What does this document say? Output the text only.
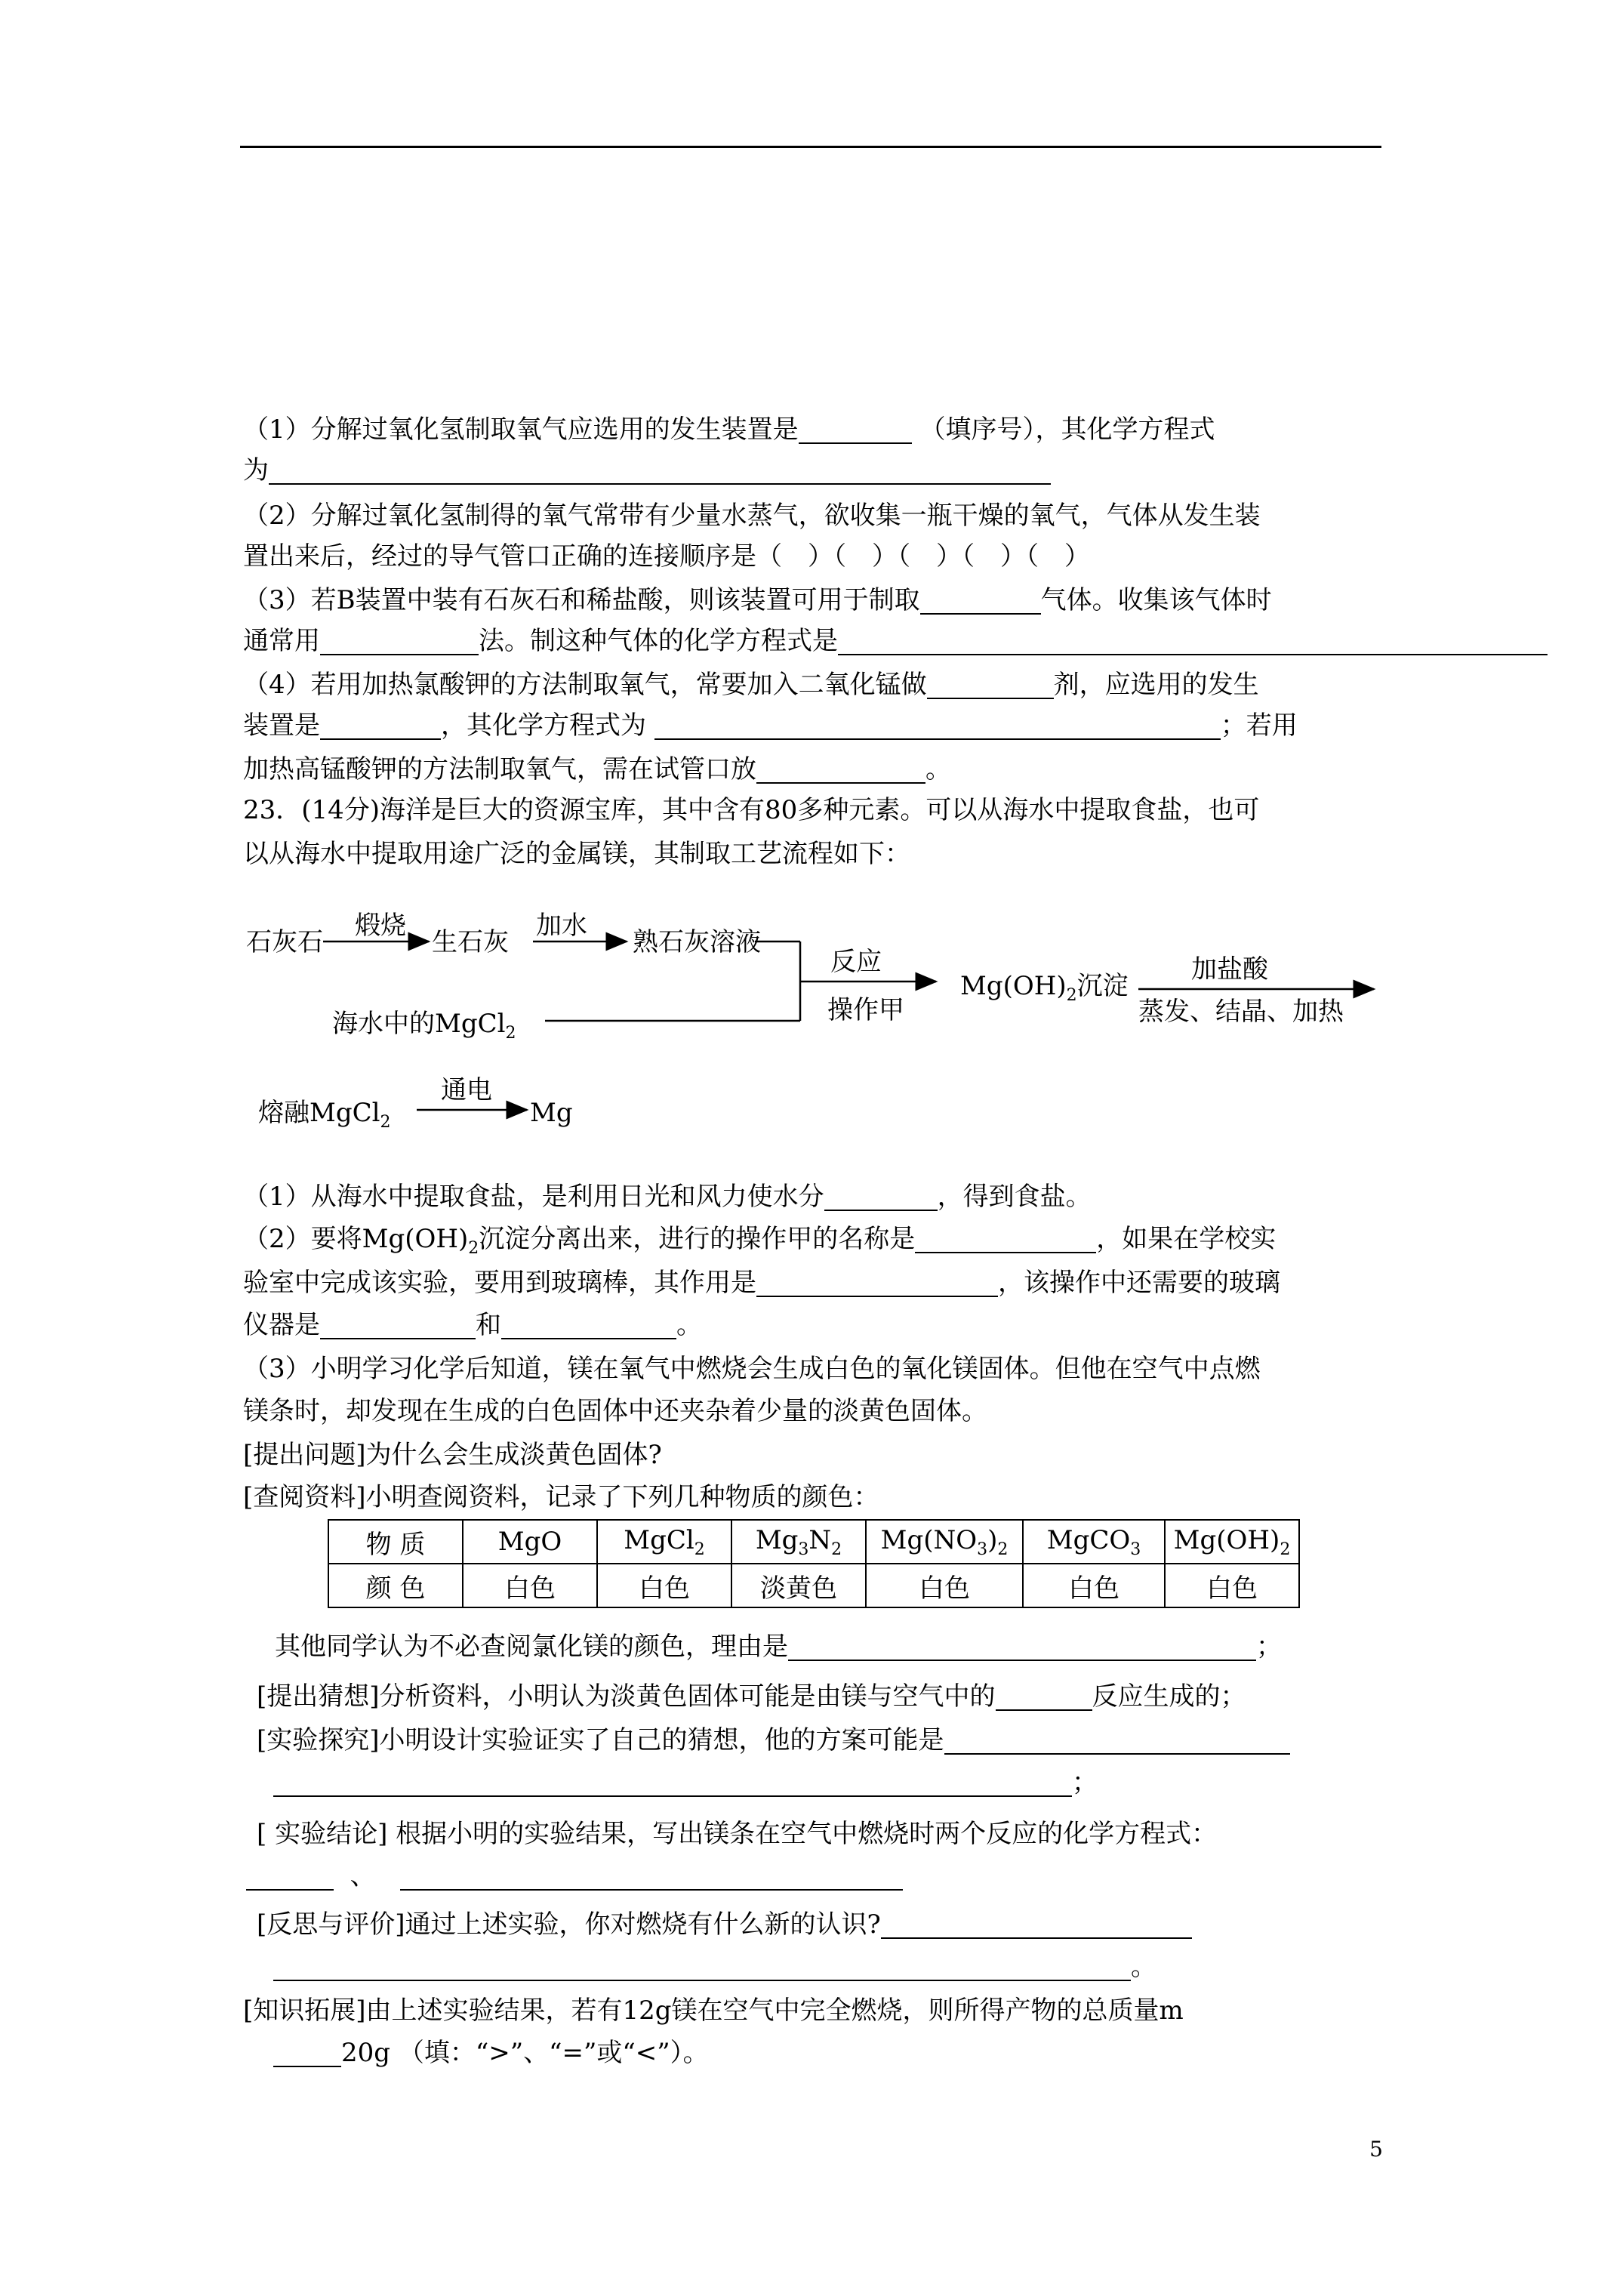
（1）分解过氧化氢制取氧气应选用的发生装置是	（填序号），其化学方程式
为
（2）分解过氧化氢制得的氧气常带有少量水蒸气，欲收集一瓶干燥的氧气，气体从发生装
置出来后，经过的导气管口正确的连接顺序是（　）（　）（　）（　）（　）
（3）若B装置中装有石灰石和稀盐酸，则该装置可用于制取	气体。收集该气体时
通常用	法。制这种气体的化学方程式是
（4）若用加热氯酸钾的方法制取氧气，常要加入二氧化锰做	剂，应选用的发生
装置是	，其化学方程式为	；若用
加热高锰酸钾的方法制取氧气，需在试管口放	。
23．(14分)海洋是巨大的资源宝库，其中含有80多种元素。可以从海水中提取食盐，也可
以从海水中提取用途广泛的金属镁，其制取工艺流程如下：
石灰石
煅烧
生石灰
加水
熟石灰溶液
反应
操作甲
海水中的MgCl$_2$
$Mg(OH)_2$沉淀
加盐酸
蒸发、结晶、加热
熔融MgCl$_2$
通电
Mg
（1）从海水中提取食盐，是利用日光和风力使水分	，得到食盐。
（2）要将$Mg(OH)_2$沉淀分离出来，进行的操作甲的名称是	，如果在学校实
验室中完成该实验，要用到玻璃棒，其作用是	，该操作中还需要的玻璃
仪器是	和	。
（3）小明学习化学后知道，镁在氧气中燃烧会生成白色的氧化镁固体。但他在空气中点燃
镁条时，却发现在生成的白色固体中还夹杂着少量的淡黄色固体。
[提出问题]为什么会生成淡黄色固体?
[查阅资料]小明查阅资料，记录了下列几种物质的颜色：
物 质	MgO	MgCl$_2$	$Mg_3N_2$	$Mg(NO_3)_2$	MgCO$_3$	$Mg(OH)_2$
颜 色	白色	白色	淡黄色	白色	白色	白色
其他同学认为不必查阅氯化镁的颜色，理由是	；
[提出猜想]分析资料，小明认为淡黄色固体可能是由镁与空气中的	反应生成的；
[实验探究]小明设计实验证实了自己的猜想，他的方案可能是
；
[ 实验结论] 根据小明的实验结果，写出镁条在空气中燃烧时两个反应的化学方程式：
、
[反思与评价]通过上述实验，你对燃烧有什么新的认识?
。
[知识拓展]由上述实验结果，若有12g镁在空气中完全燃烧，则所得产物的总质量m
20g （填：“>”、“=”或“<”）。
5
